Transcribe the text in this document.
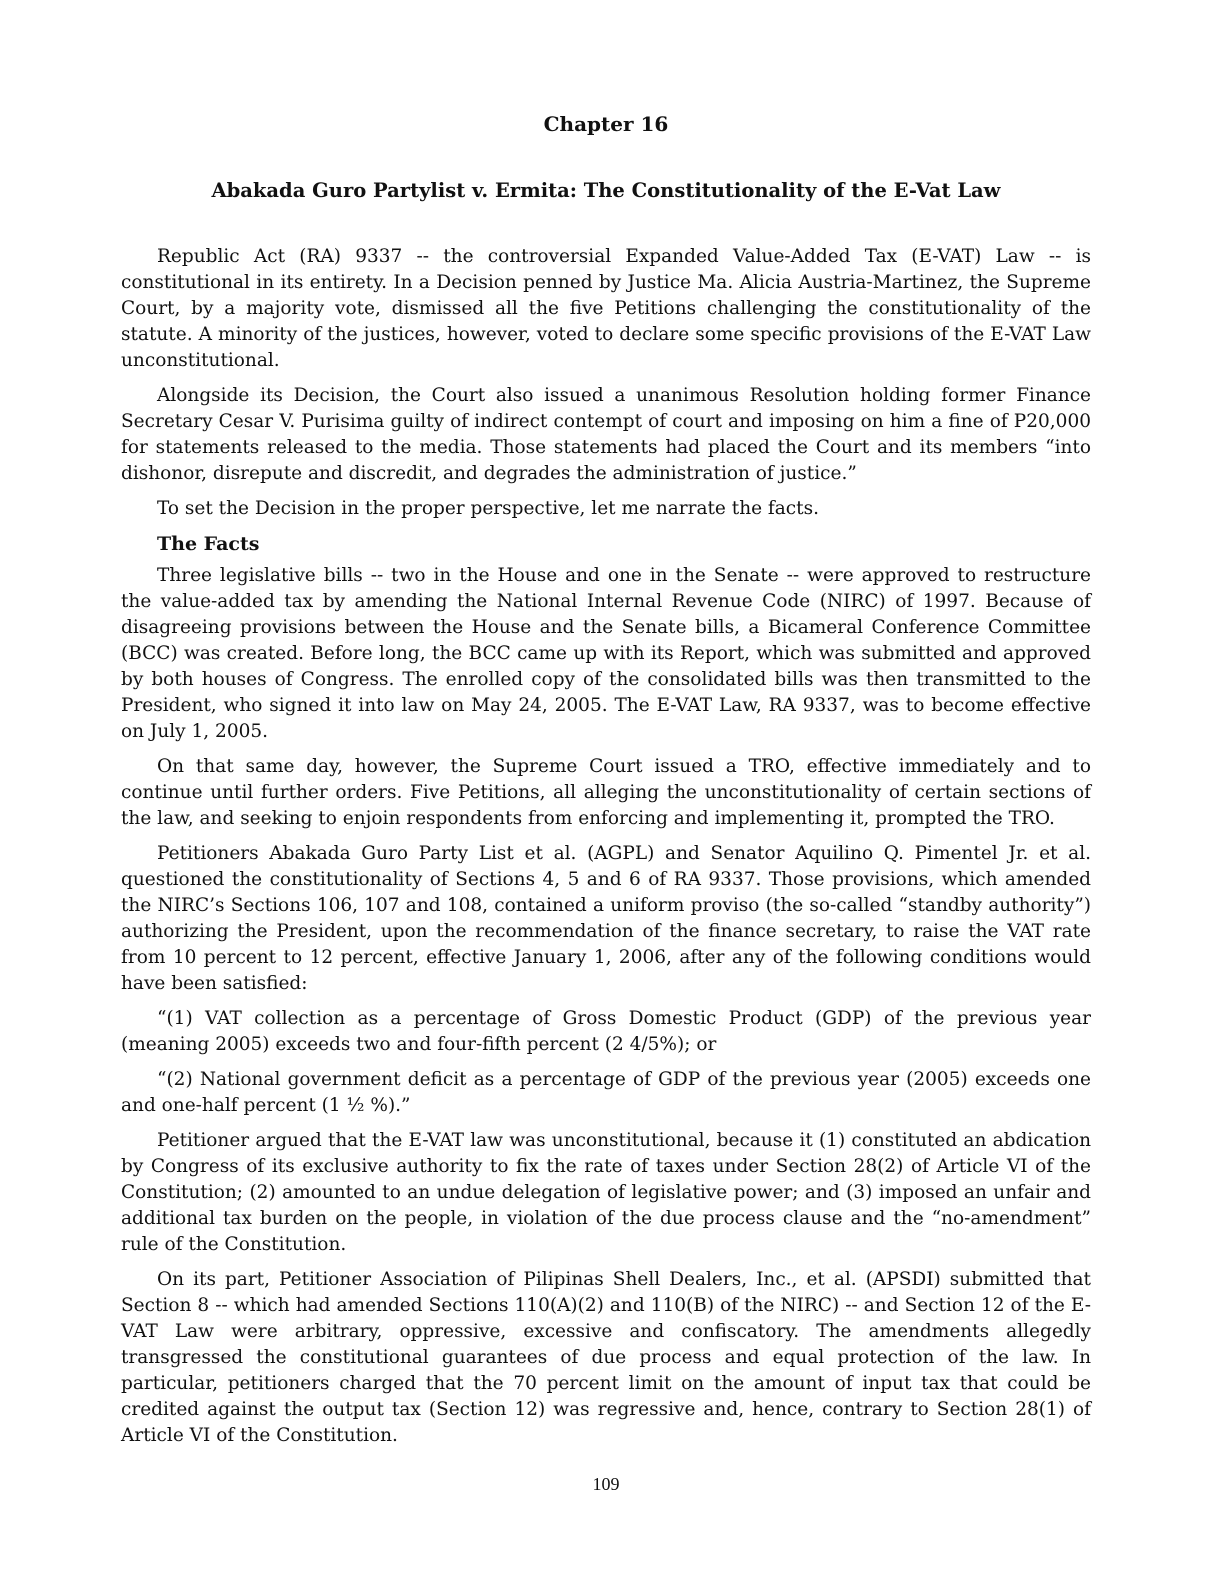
Chapter 16
Abakada Guro Partylist v. Ermita: The Constitutionality of the E-Vat Law

Republic Act (RA) 9337 -- the controversial Expanded Value-Added Tax (E-VAT) Law -- is constitutional in its entirety. In a Decision penned by Justice Ma. Alicia Austria-Martinez, the Supreme Court, by a majority vote, dismissed all the five Petitions challenging the constitutionality of the statute. A minority of the justices, however, voted to declare some specific provisions of the E-VAT Law unconstitutional.

Alongside its Decision, the Court also issued a unanimous Resolution holding former Finance Secretary Cesar V. Purisima guilty of indirect contempt of court and imposing on him a fine of P20,000 for statements released to the media. Those statements had placed the Court and its members “into dishonor, disrepute and discredit, and degrades the administration of justice.”

To set the Decision in the proper perspective, let me narrate the facts.

The Facts

Three legislative bills -- two in the House and one in the Senate -- were approved to restructure the value-added tax by amending the National Internal Revenue Code (NIRC) of 1997. Because of disagreeing provisions between the House and the Senate bills, a Bicameral Conference Committee (BCC) was created. Before long, the BCC came up with its Report, which was submitted and approved by both houses of Congress. The enrolled copy of the consolidated bills was then transmitted to the President, who signed it into law on May 24, 2005. The E-VAT Law, RA 9337, was to become effective on July 1, 2005.

On that same day, however, the Supreme Court issued a TRO, effective immediately and to continue until further orders. Five Petitions, all alleging the unconstitutionality of certain sections of the law, and seeking to enjoin respondents from enforcing and implementing it, prompted the TRO.

Petitioners Abakada Guro Party List et al. (AGPL) and Senator Aquilino Q. Pimentel Jr. et al. questioned the constitutionality of Sections 4, 5 and 6 of RA 9337. Those provisions, which amended the NIRC’s Sections 106, 107 and 108, contained a uniform proviso (the so-called “standby authority”) authorizing the President, upon the recommendation of the finance secretary, to raise the VAT rate from 10 percent to 12 percent, effective January 1, 2006, after any of the following conditions would have been satisfied:

“(1) VAT collection as a percentage of Gross Domestic Product (GDP) of the previous year (meaning 2005) exceeds two and four-fifth percent (2 4/5%); or

“(2) National government deficit as a percentage of GDP of the previous year (2005) exceeds one and one-half percent (1 ½ %).”

Petitioner argued that the E-VAT law was unconstitutional, because it (1) constituted an abdication by Congress of its exclusive authority to fix the rate of taxes under Section 28(2) of Article VI of the Constitution; (2) amounted to an undue delegation of legislative power; and (3) imposed an unfair and additional tax burden on the people, in violation of the due process clause and the “no-amendment” rule of the Constitution.

On its part, Petitioner Association of Pilipinas Shell Dealers, Inc., et al. (APSDI) submitted that Section 8 -- which had amended Sections 110(A)(2) and 110(B) of the NIRC) -- and Section 12 of the E-VAT Law were arbitrary, oppressive, excessive and confiscatory. The amendments allegedly transgressed the constitutional guarantees of due process and equal protection of the law. In particular, petitioners charged that the 70 percent limit on the amount of input tax that could be credited against the output tax (Section 12) was regressive and, hence, contrary to Section 28(1) of Article VI of the Constitution.

109
